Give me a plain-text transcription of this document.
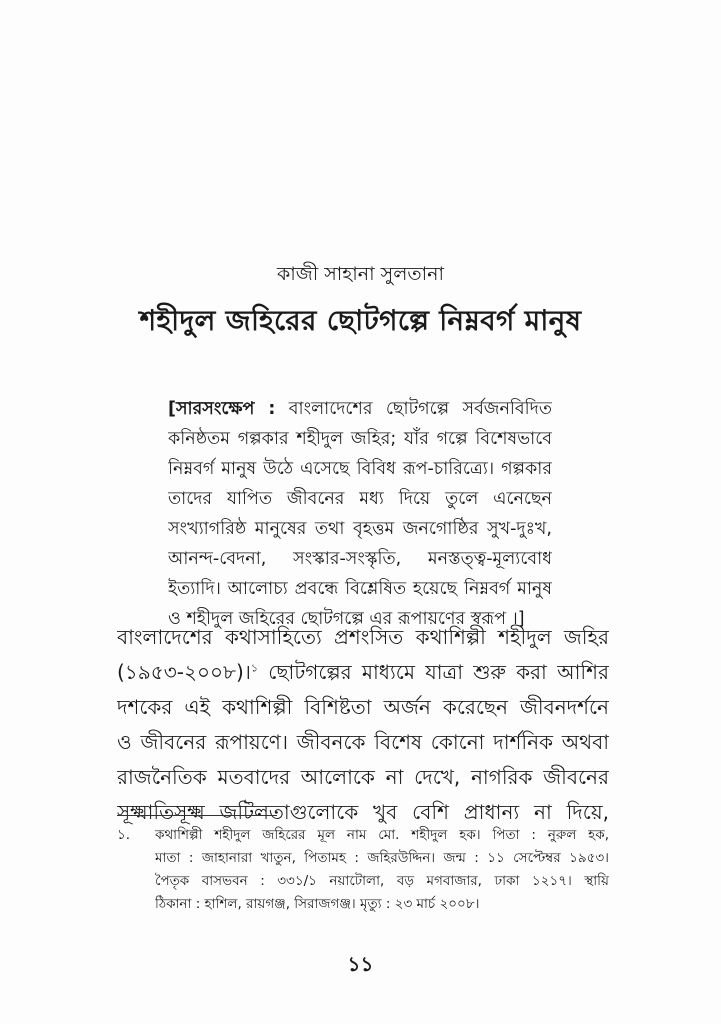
কাজী সাহানা সুলতানা
শহীদুল জহিরের ছোটগল্পে নিম্নবর্গ মানুষ
[সারসংক্ষেপ : বাংলাদেশের ছোটগল্পে সর্বজনবিদিত
কনিষ্ঠতম গল্পকার শহীদুল জহির; যাঁর গল্পে বিশেষভাবে
নিম্নবর্গ মানুষ উঠে এসেছে বিবিধ রূপ-চারিত্র্যে। গল্পকার
তাদের যাপিত জীবনের মধ্য দিয়ে তুলে এনেছেন
সংখ্যাগরিষ্ঠ মানুষের তথা বৃহত্তম জনগোষ্ঠির সুখ-দুঃখ,
আনন্দ-বেদনা, সংস্কার-সংস্কৃতি, মনস্তত্ত্ব-মূল্যবোধ
ইত্যাদি। আলোচ্য প্রবন্ধে বিশ্লেষিত হয়েছে নিম্নবর্গ মানুষ
ও শহীদুল জহিরের ছোটগল্পে এর রূপায়ণের স্বরূপ ।]
বাংলাদেশের কথাসাহিত্যে প্রশংসিত কথাশিল্পী শহীদুল জহির
(১৯৫৩-২০০৮)।$^১$ ছোটগল্পের মাধ্যমে যাত্রা শুরু করা আশির
দশকের এই কথাশিল্পী বিশিষ্টতা অর্জন করেছেন জীবনদর্শনে
ও জীবনের রূপায়ণে। জীবনকে বিশেষ কোনো দার্শনিক অথবা
রাজনৈতিক মতবাদের আলোকে না দেখে, নাগরিক জীবনের
সূক্ষ্মাতিসূক্ষ্ম জটিলতাগুলোকে খুব বেশি প্রাধান্য না দিয়ে,
১. কথাশিল্পী শহীদুল জহিরের মূল নাম মো. শহীদুল হক। পিতা : নুরুল হক,
মাতা : জাহানারা খাতুন, পিতামহ : জহিরউদ্দিন। জন্ম : ১১ সেপ্টেম্বর ১৯৫৩।
পৈতৃক বাসভবন : ৩৩১/১ নয়াটোলা, বড় মগবাজার, ঢাকা ১২১৭। স্থায়ি
ঠিকানা : হাশিল, রায়গঞ্জ, সিরাজগঞ্জ। মৃত্যু : ২৩ মার্চ ২০০৮।
১১
